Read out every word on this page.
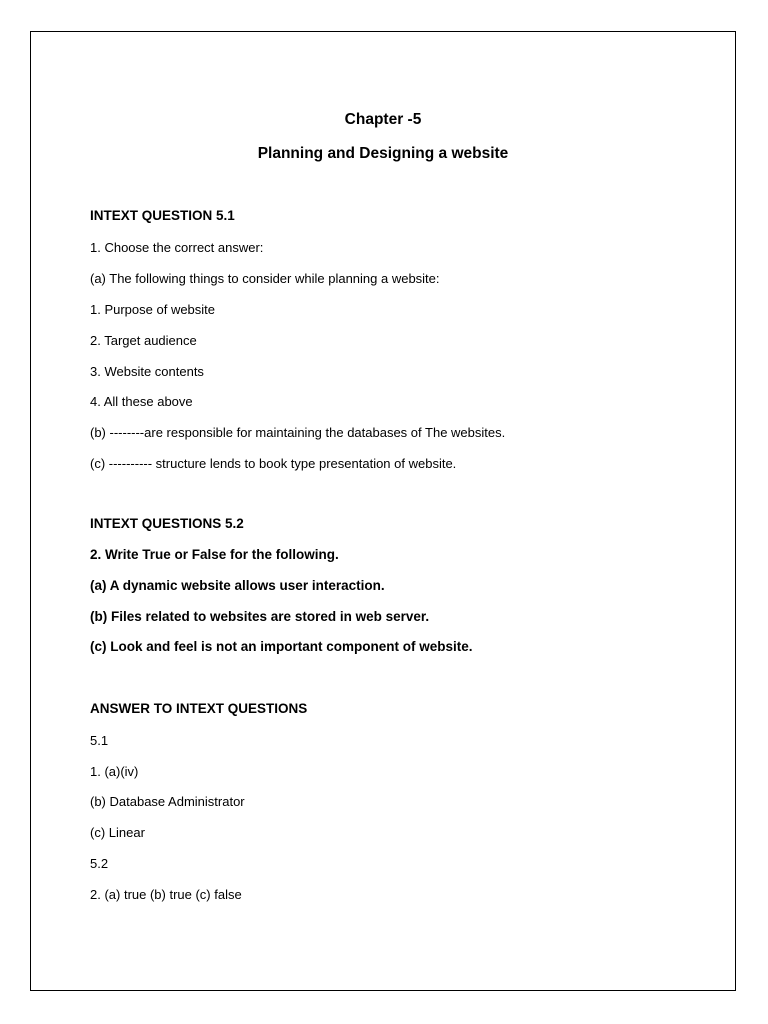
Chapter -5

Planning and Designing a website

INTEXT QUESTION 5.1

1. Choose the correct answer:

(a) The following things to consider while planning a website:

1. Purpose of website

2. Target audience

3. Website contents

4. All these above

(b) --------are responsible for maintaining the databases of The websites.

(c) ---------- structure lends to book type presentation of website.

INTEXT QUESTIONS 5.2

2. Write True or False for the following.

(a) A dynamic website allows user interaction.

(b) Files related to websites are stored in web server.

(c) Look and feel is not an important component of website.

ANSWER TO INTEXT QUESTIONS

5.1

1. (a)(iv)

(b) Database Administrator

(c) Linear

5.2

2. (a) true (b) true (c) false
